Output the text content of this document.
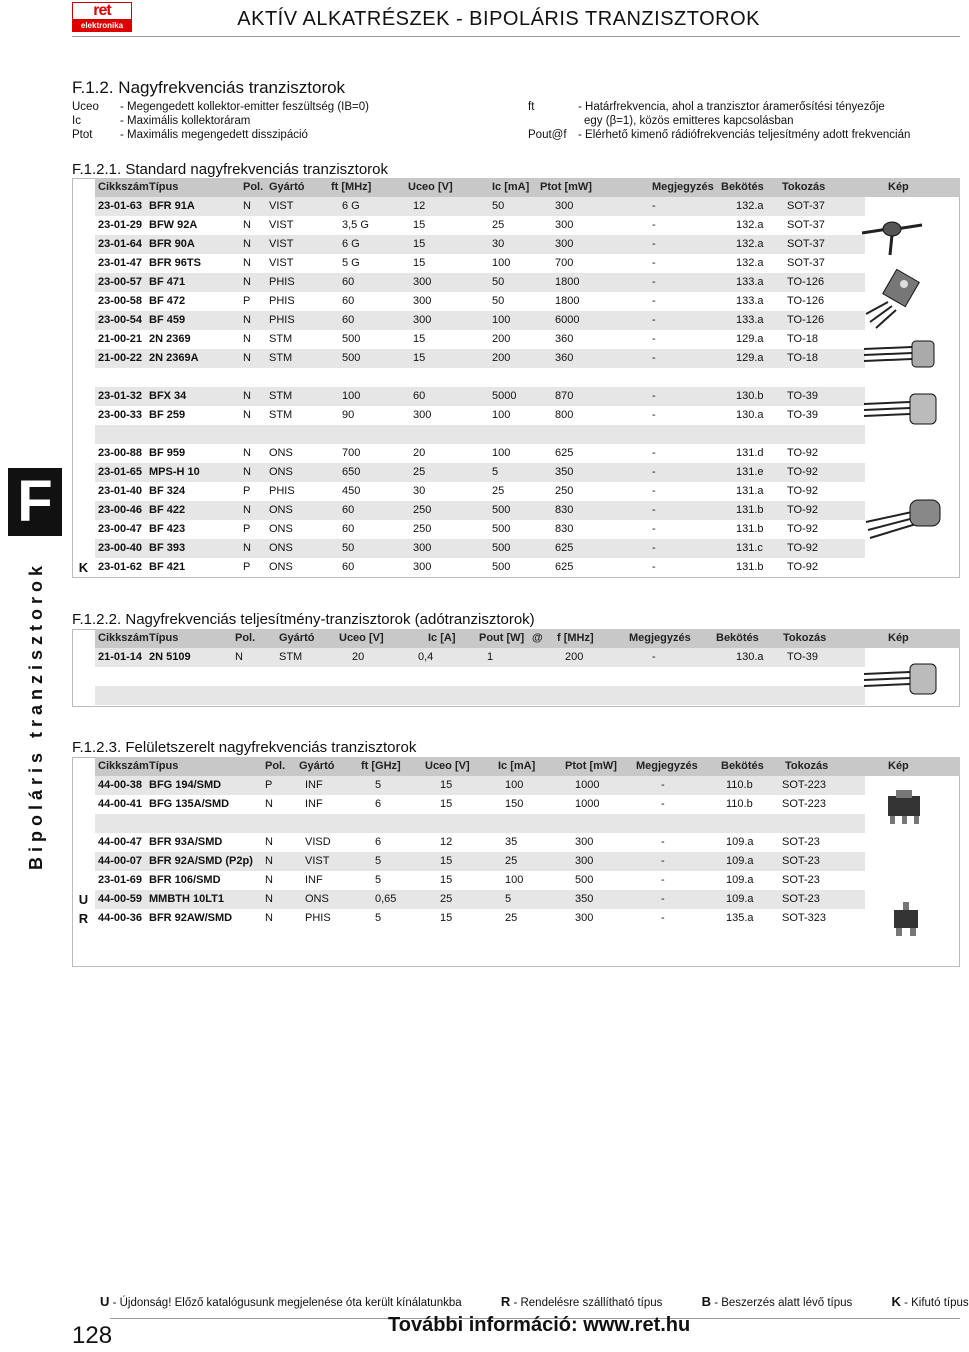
ret
elektronika	AKTÍV ALKATRÉSZEK - BIPOLÁRIS TRANZISZTOROK
F.1.2. Nagyfrekvenciás tranzisztorok
Uceo - Megengedett kollektor-emitter feszültség (IB=0)
Ic	- Maximális kollektoráram
Ptot - Maximális megengedett disszipáció
ft	- Határfrekvencia, ahol a tranzisztor áramerősítési tényezője
egy (β=1), közös emitteres kapcsolásban
Pout@f - Elérhető kimenő rádiófrekvenciás teljesítmény adott frekvencián
F.1.2.1. Standard nagyfrekvenciás tranzisztorok
Cikkszám Típus	Pol. Gyártó ft [MHz]	Uceo [V]	Ic [mA] Ptot [mW]	Megjegyzés Bekötés Tokozás	Kép
23-01-63 BFR 91A	N VIST	6 G	12	50	300	-	132.a SOT-37
23-01-29 BFW 92A	N VIST	3,5 G	15	25	300	-	132.a SOT-37
23-01-64 BFR 90A	N VIST	6 G	15	30	300	-	132.a SOT-37
23-01-47 BFR 96TS	N VIST	5 G	15	100	700	-	132.a SOT-37
23-00-57 BF 471	N PHIS	60	300	50	1800	-	133.a TO-126
23-00-58 BF 472	P PHIS	60	300	50	1800	-	133.a TO-126
23-00-54 BF 459	N PHIS	60	300	100	6000	-	133.a TO-126
21-00-21 2N 2369	N STM	500	15	200	360	-	129.a TO-18
21-00-22 2N 2369A	N STM	500	15	200	360	-	129.a TO-18
23-01-32 BFX 34	N STM	100	60	5000	870	-	130.b TO-39
23-00-33 BF 259	N STM	90	300	100	800	-	130.a TO-39
23-00-88 BF 959	N ONS	700	20	100	625	-	131.d TO-92
23-01-65 MPS-H 10	N ONS	650	25	5	350	-	131.e TO-92
23-01-40 BF 324	P PHIS	450	30	25	250	-	131.a TO-92
23-00-46 BF 422	N ONS	60	250	500	830	-	131.b TO-92
23-00-47 BF 423	P ONS	60	250	500	830	-	131.b TO-92
23-00-40 BF 393	N ONS	50	300	500	625	-	131.c TO-92
23-01-62 BF 421	P ONS	60	300	500	625	-	131.b TO-92
K
F.1.2.2. Nagyfrekvenciás teljesítmény-tranzisztorok (adótranzisztorok)
Cikkszám Típus	Pol. Gyártó Uceo [V]	Ic [A] Pout [W] @ f [MHz]	Megjegyzés Bekötés Tokozás	Kép
21-01-14 2N 5109	N	STM	20	0,4	1	200	-	130.a TO-39
F.1.2.3. Felületszerelt nagyfrekvenciás tranzisztorok
Cikkszám Típus	Pol. Gyártó ft [GHz] Uceo [V]	Ic [mA]	Ptot [mW] Megjegyzés Bekötés Tokozás	Kép
44-00-38 BFG 194/SMD	P	INF	5	15	100	1000	-	110.b	SOT-223
44-00-41 BFG 135A/SMD	N	INF	6	15	150	1000	-	110.b	SOT-223
44-00-47 BFR 93A/SMD	N	VISD	6	12	35	300	-	109.a	SOT-23
44-00-07 BFR 92A/SMD (P2p) N	VIST	5	15	25	300	-	109.a	SOT-23
23-01-69 BFR 106/SMD	N	INF	5	15	100	500	-	109.a	SOT-23
44-00-59 MMBTH 10LT1	N	ONS	0,65	25	5	350	-	109.a	SOT-23
U
44-00-36 BFR 92AW/SMD	N	PHIS	5	15	25	300	-	135.a	SOT-323
R
F
Bipoláris tranzisztorok
U - Újdonság! Előző katalógusunk megjelenése óta került kínálatunkba	R - Rendelésre szállítható típus	B - Beszerzés alatt lévő típus	K - Kifutó típus
128	További információ: www.ret.hu
